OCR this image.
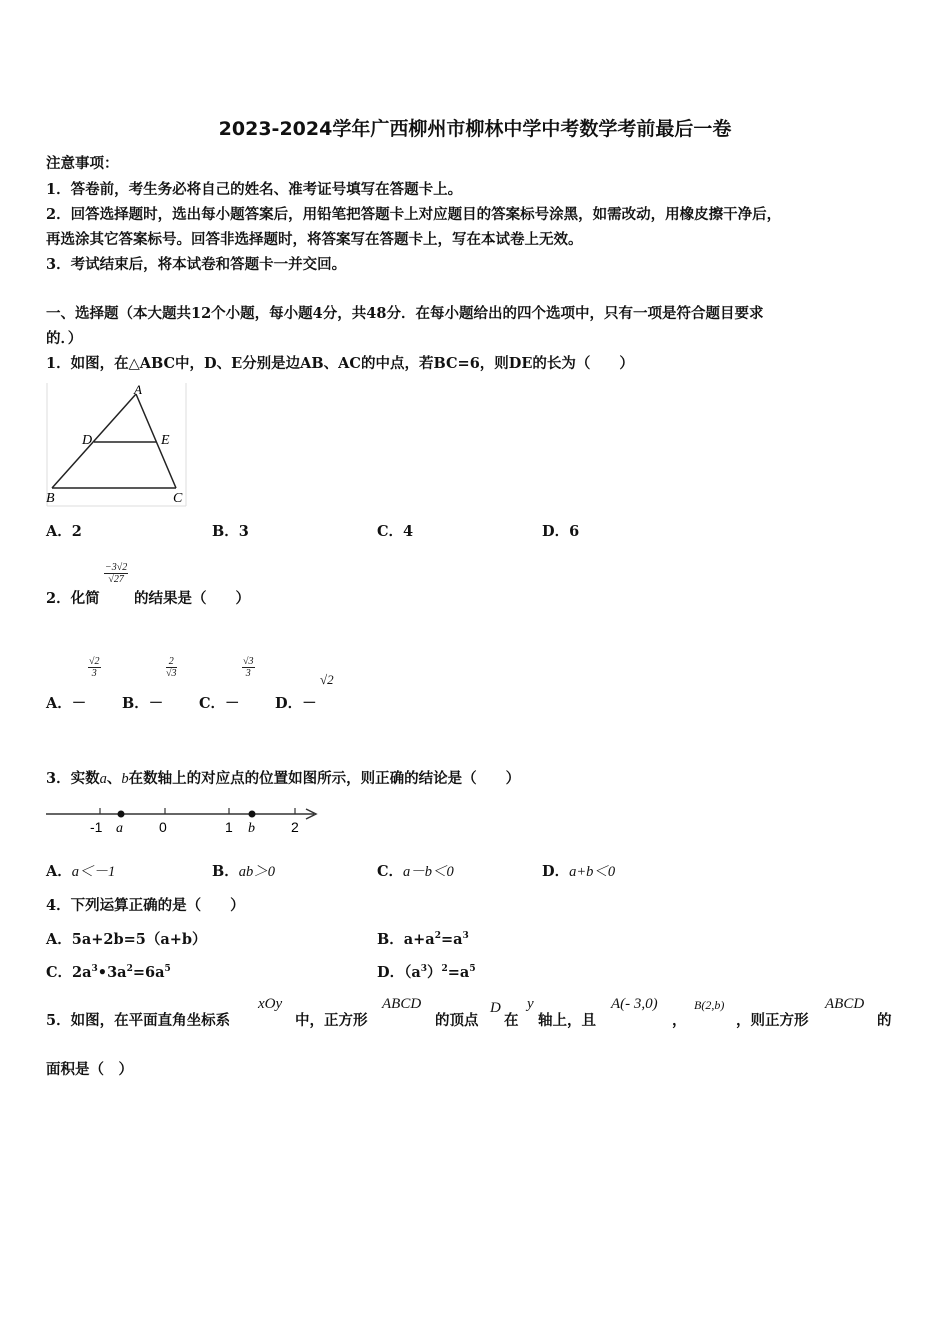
2023-2024学年广西柳州市柳林中学中考数学考前最后一卷
注意事项：
1．答卷前，考生务必将自己的姓名、准考证号填写在答题卡上。
2．回答选择题时，选出每小题答案后，用铅笔把答题卡上对应题目的答案标号涂黑，如需改动，用橡皮擦干净后，
再选涂其它答案标号。回答非选择题时，将答案写在答题卡上，写在本试卷上无效。
3．考试结束后，将本试卷和答题卡一并交回。
一、选择题（本大题共12个小题，每小题4分，共48分．在每小题给出的四个选项中，只有一项是符合题目要求
的．）
1．如图，在△ABC中，D、E分别是边AB、AC的中点，若BC=6，则DE的长为（　　）
A
D	E
B	C
A．2	B．3	C．4	D．6
2．化简
$\frac{-3√2}{√27}$
的结果是（　　）
A．－
$\frac{√2}{3}$
B．－
$\frac{2}{√3}$
C．－
$\frac{√3}{3}$
D．－
√2
3．实数a、b在数轴上的对应点的位置如图所示，则正确的结论是（　　）
-1 a	0	1 b	2
A．a＜－1	B．ab＞0	C．a－b＜0	D．a+b＜0
4．下列运算正确的是（　　）
A．5a+2b=5（a+b）	B．$a+a^2=a^3$
C．$2a^3•3a^2=6a^5$	D．$(a^3)^2=a^5$
5．如图，在平面直角坐标系
xOy
中，正方形
ABCD
的顶点
D
在
y
轴上，且
A(- 3,0)
，
B(2,b)
，则正方形
ABCD
的
面积是（　）
